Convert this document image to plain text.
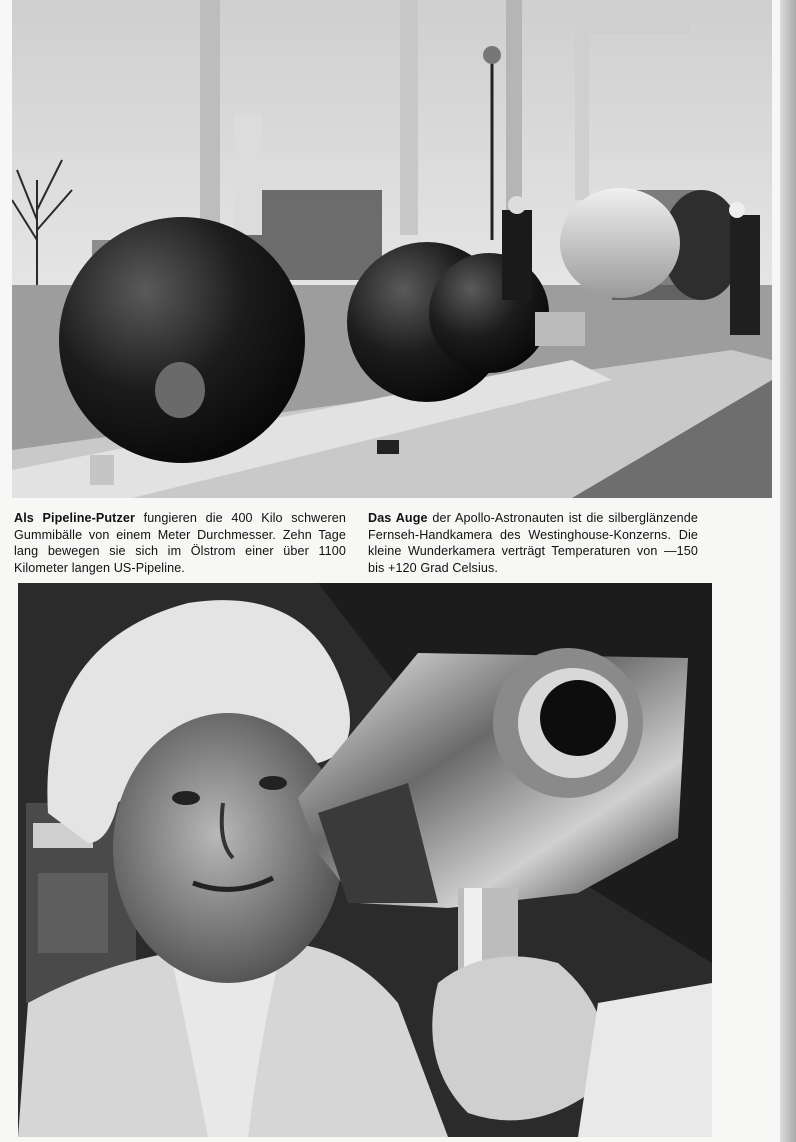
Als Pipeline-Putzer fungieren die 400 Kilo schweren Gummibälle von einem Meter Durchmesser. Zehn Tage lang bewegen sie sich im Ölstrom einer über 1100 Kilometer langen US-Pipeline.
Das Auge der Apollo-Astronauten ist die silberglänzende Fernseh-Handkamera des Westinghouse-Konzerns. Die kleine Wunderkamera verträgt Temperaturen von —150 bis +120 Grad Celsius.
